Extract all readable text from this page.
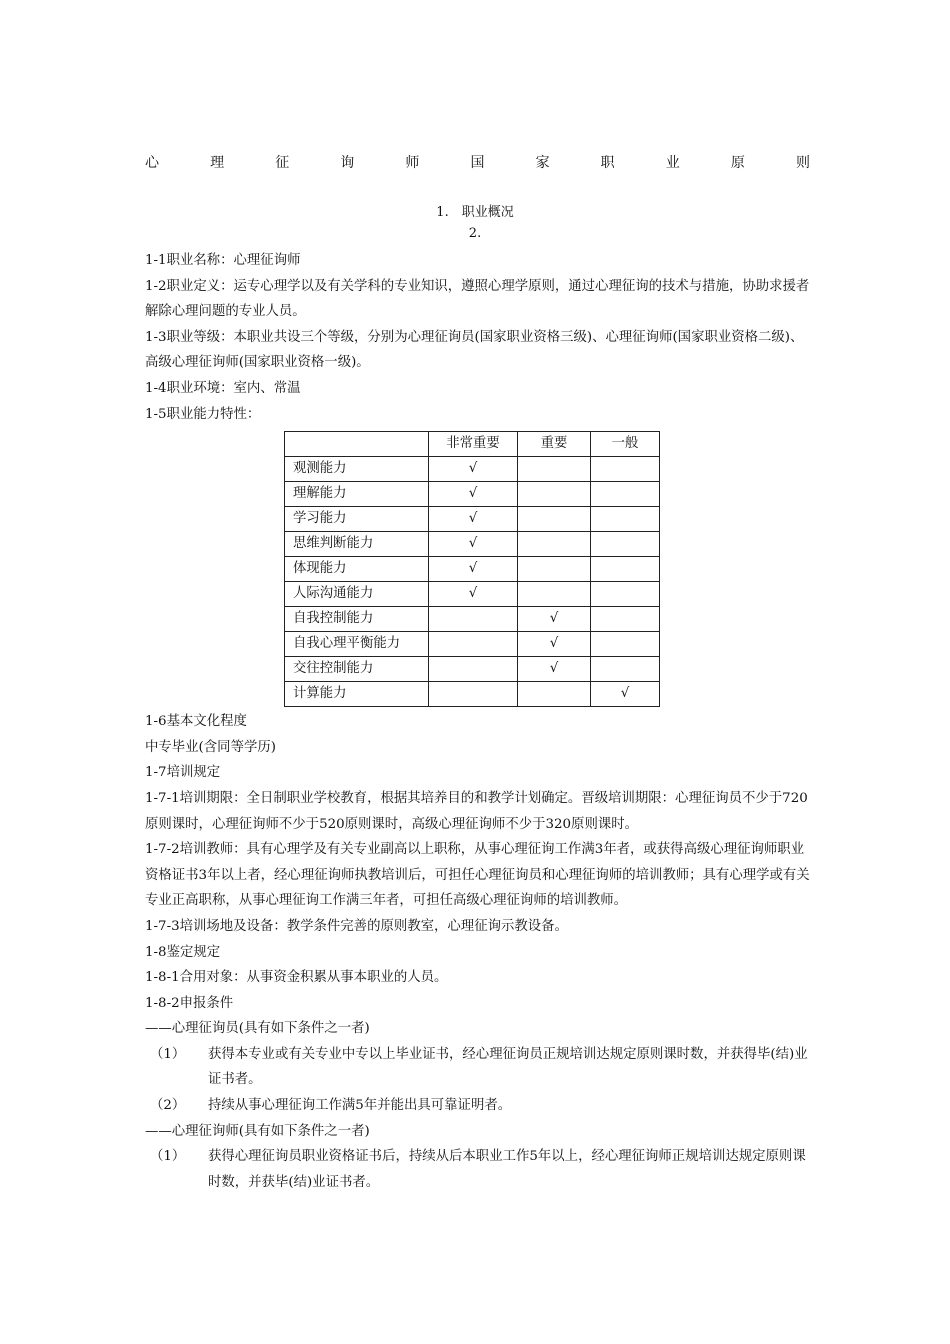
心	理	征	询	师	国	家	职	业	原	则
1.　职业概况
2.

1-1职业名称：心理征询师

1-2职业定义：运专心理学以及有关学科的专业知识，遵照心理学原则，通过心理征询的技术与措施，协助求援者解除心理问题的专业人员。

1-3职业等级：本职业共设三个等级，分别为心理征询员(国家职业资格三级)、心理征询师(国家职业资格二级)、高级心理征询师(国家职业资格一级)。

1-4职业环境：室内、常温

1-5职业能力特性：

	非常重要	重要	一般
观测能力	√		
理解能力	√		
学习能力	√		
思维判断能力	√		
体现能力	√		
人际沟通能力	√		
自我控制能力		√	
自我心理平衡能力		√	
交往控制能力		√	
计算能力			√

1-6基本文化程度

中专毕业(含同等学历)

1-7培训规定

1-7-1培训期限：全日制职业学校教育，根据其培养目的和教学计划确定。晋级培训期限：心理征询员不少于720原则课时，心理征询师不少于520原则课时，高级心理征询师不少于320原则课时。

1-7-2培训教师：具有心理学及有关专业副高以上职称，从事心理征询工作满3年者，或获得高级心理征询师职业资格证书3年以上者，经心理征询师执教培训后，可担任心理征询员和心理征询师的培训教师；具有心理学或有关专业正高职称，从事心理征询工作满三年者，可担任高级心理征询师的培训教师。

1-7-3培训场地及设备：教学条件完善的原则教室，心理征询示教设备。

1-8鉴定规定

1-8-1合用对象：从事资金积累从事本职业的人员。

1-8-2申报条件

——心理征询员(具有如下条件之一者)

（1）	获得本专业或有关专业中专以上毕业证书，经心理征询员正规培训达规定原则课时数，并获得毕(结)业证书者。
（2）	持续从事心理征询工作满5年并能出具可靠证明者。

——心理征询师(具有如下条件之一者)

（1）	获得心理征询员职业资格证书后，持续从后本职业工作5年以上，经心理征询师正规培训达规定原则课时数，并获毕(结)业证书者。
